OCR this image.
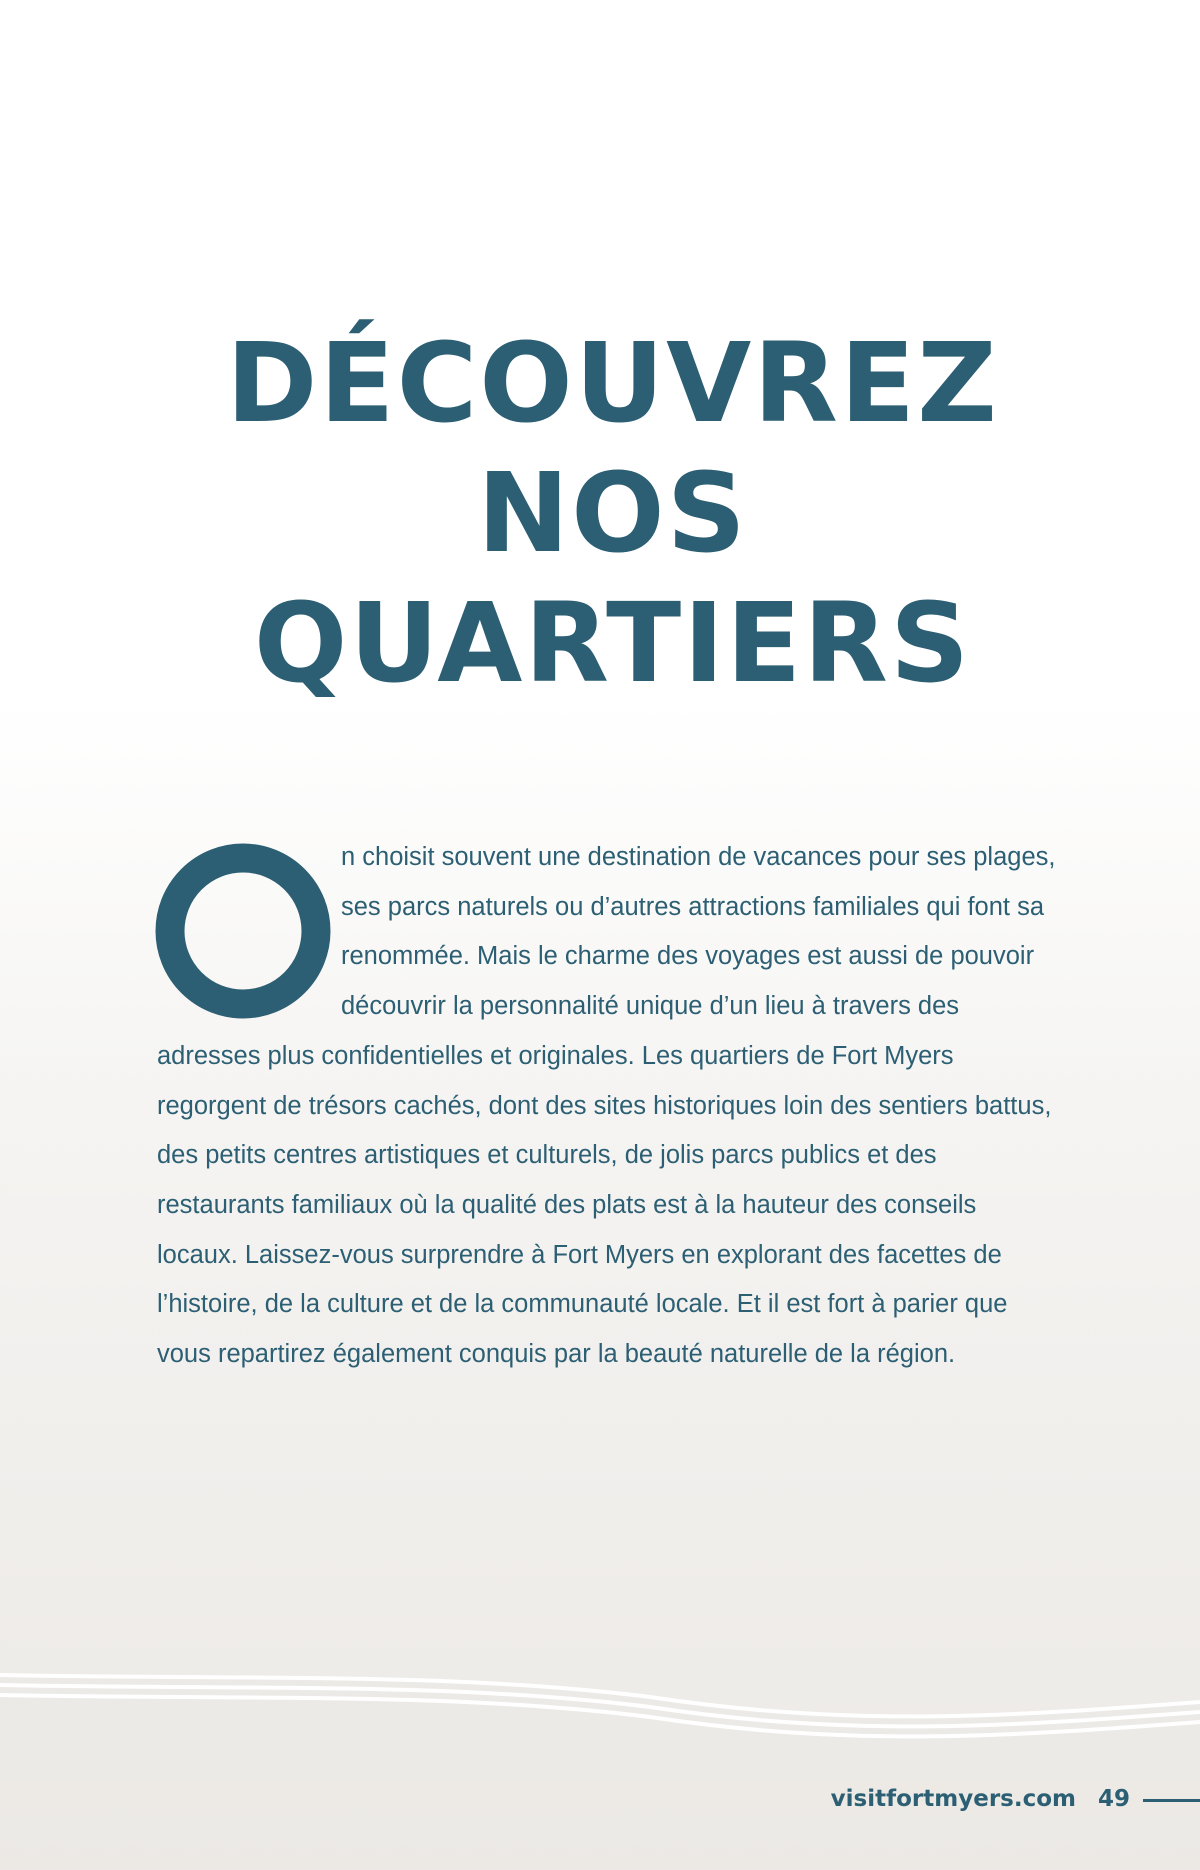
DÉCOUVREZ
NOS
QUARTIERS

n choisit souvent une destination de vacances pour ses plages, ses parcs naturels ou d’autres attractions familiales qui font sa renommée. Mais le charme des voyages est aussi de pouvoir découvrir la personnalité unique d’un lieu à travers des adresses plus confidentielles et originales. Les quartiers de Fort Myers regorgent de trésors cachés, dont des sites historiques loin des sentiers battus, des petits centres artistiques et culturels, de jolis parcs publics et des restaurants familiaux où la qualité des plats est à la hauteur des conseils locaux. Laissez-vous surprendre à Fort Myers en explorant des facettes de l’histoire, de la culture et de la communauté locale. Et il est fort à parier que vous repartirez également conquis par la beauté naturelle de la région.

visitfortmyers.com 49
